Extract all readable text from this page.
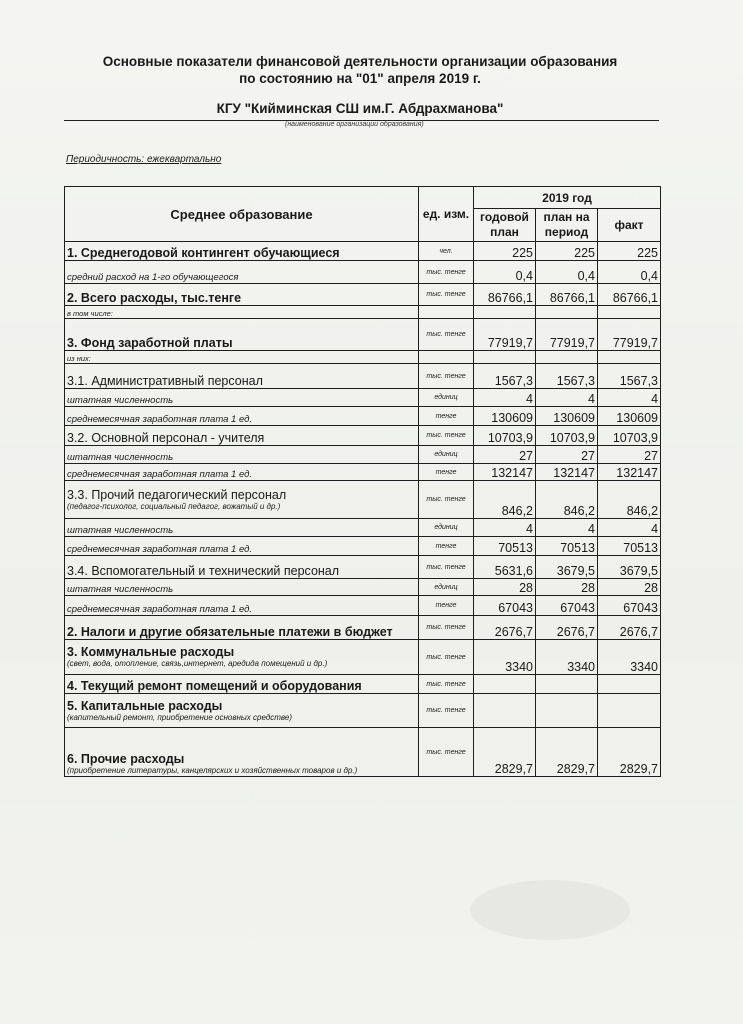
Основные показатели финансовой деятельности организации образования
по состоянию на "01" апреля 2019 г.
КГУ "Кийминская СШ им.Г. Абдрахманова"
(наименование организации образования)
Периодичность: ежеквартально
Среднее образование	ед. изм.	2019 год		
		годовой план	план на период	факт
1. Среднегодовой контингент обучающиеся	чел.	225	225	225
средний расход на 1-го обучающегося	тыс. тенге	0,4	0,4	0,4
2. Всего расходы, тыс.тенге	тыс. тенге	86766,1	86766,1	86766,1
в том числе:				
3. Фонд заработной платы	тыс. тенге	77919,7	77919,7	77919,7
из них:				
3.1. Административный персонал	тыс. тенге	1567,3	1567,3	1567,3
штатная численность	единиц	4	4	4
среднемесячная заработная плата 1 ед.	тенге	130609	130609	130609
3.2. Основной персонал - учителя	тыс. тенге	10703,9	10703,9	10703,9
штатная численность	единиц	27	27	27
среднемесячная заработная плата 1 ед.	тенге	132147	132147	132147
3.3. Прочий педагогический персонал
(педагог-психолог, социальный педагог, вожатый и др.)	тыс. тенге	846,2	846,2	846,2
штатная численность	единиц	4	4	4
среднемесячная заработная плата 1 ед.	тенге	70513	70513	70513
3.4. Вспомогательный и технический персонал	тыс. тенге	5631,6	3679,5	3679,5
штатная численность	единиц	28	28	28
среднемесячная заработная плата 1 ед.	тенге	67043	67043	67043
2. Налоги и другие обязательные платежи в бюджет	тыс. тенге	2676,7	2676,7	2676,7
3. Коммунальные расходы
(свет, вода, отопление, связь,интернет, аредида помещений и др.)	тыс. тенге	3340	3340	3340
4. Текущий ремонт помещений и оборудования	тыс. тенге			
5. Капитальные расходы
(капительный ремонт, приобретение основных средстве)	тыс. тенге			
6. Прочие расходы
(приобретение литературы, канцелярских и хозяйственных товаров и др.)	тыс. тенге	2829,7	2829,7	2829,7
